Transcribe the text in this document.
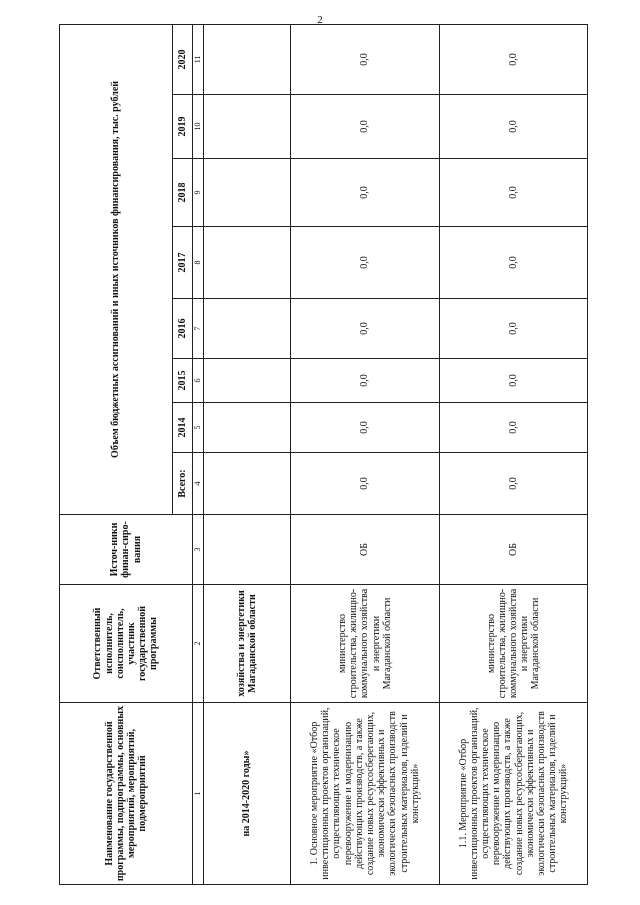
2
Наименование государственной программы, подпрограммы, основных мероприятий, мероприятий, подмероприятий	Ответственный исполнитель, соисполнитель, участник государственной программы	Источ-ники финан-сиро-вания	Объем бюджетных ассигнований и иных источников финансирования, тыс. рублей							
			Всего:	2014	2015	2016	2017	2018	2019	2020
1	2	3	4	5	6	7	8	9	10	11
на 2014-2020 годы»	хозяйства и энергетики Магаданской области									
1. Основное мероприятие «Отбор инвестиционных проектов организаций, осуществляющих техническое перевооружение и модернизацию действующих производств, а также создание новых ресурсосберегающих, экономически эффективных и экологически безопасных производств строительных материалов, изделий и конструкций»	министерство строительства, жилищно-коммунального хозяйства и энергетики Магаданской области	ОБ	0,0	0,0	0,0	0,0	0,0	0,0	0,0	0,0
1.1. Мероприятие «Отбор инвестиционных проектов организаций, осуществляющих техническое перевооружение и модернизацию действующих производств, а также создание новых ресурсосберегающих, экономически эффективных и экологически безопасных производств строительных материалов, изделий и конструкций»	министерство строительства, жилищно-коммунального хозяйства и энергетики Магаданской области	ОБ	0,0	0,0	0,0	0,0	0,0	0,0	0,0	0,0
